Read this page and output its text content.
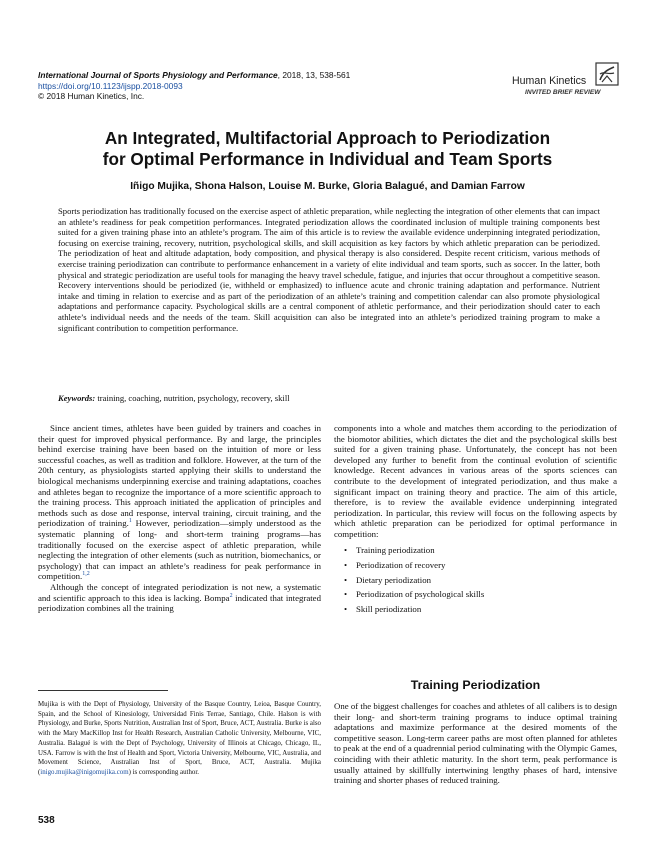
International Journal of Sports Physiology and Performance, 2018, 13, 538-561
https://doi.org/10.1123/ijspp.2018-0093
© 2018 Human Kinetics, Inc.
Human Kinetics
INVITED BRIEF REVIEW
An Integrated, Multifactorial Approach to Periodization
for Optimal Performance in Individual and Team Sports
Iñigo Mujika, Shona Halson, Louise M. Burke, Gloria Balagué, and Damian Farrow
Sports periodization has traditionally focused on the exercise aspect of athletic preparation, while neglecting the integration of other elements that can impact an athlete’s readiness for peak competition performances. Integrated periodization allows the coordinated inclusion of multiple training components best suited for a given training phase into an athlete’s program. The aim of this article is to review the available evidence underpinning integrated periodization, focusing on exercise training, recovery, nutrition, psychological skills, and skill acquisition as key factors by which athletic preparation can be periodized. The periodization of heat and altitude adaptation, body composition, and physical therapy is also considered. Despite recent criticism, various methods of exercise training periodization can contribute to performance enhancement in a variety of elite individual and team sports, such as soccer. In the latter, both physical and strategic periodization are useful tools for managing the heavy travel schedule, fatigue, and injuries that occur throughout a competitive season. Recovery interventions should be periodized (ie, withheld or emphasized) to influence acute and chronic training adaptation and performance. Nutrient intake and timing in relation to exercise and as part of the periodization of an athlete’s training and competition calendar can also promote physiological adaptations and performance capacity. Psychological skills are a central component of athletic performance, and their periodization should cater to each athlete’s individual needs and the needs of the team. Skill acquisition can also be integrated into an athlete’s periodized training program to make a significant contribution to competition performance.
Keywords: training, coaching, nutrition, psychology, recovery, skill

Since ancient times, athletes have been guided by trainers and coaches in their quest for improved physical performance. By and large, the principles behind exercise training have been based on the intuition of more or less successful coaches, as well as tradition and folklore. However, at the turn of the 20th century, as physiologists started applying their skills to understand the biological mechanisms underpinning exercise and training adaptations, coaches and athletes began to recognize the importance of a more scientific approach to the training process. This approach initiated the application of principles and methods such as dose and response, interval training, circuit training, and the periodization of training.$^1$ However, periodization—simply understood as the systematic planning of long- and short-term training programs—has traditionally focused on the exercise aspect of athletic preparation, while neglecting the integration of other elements (such as nutrition, biomechanics, or psychology) that can impact an athlete’s readiness for peak performance in competition.$^{1,2}$

Although the concept of integrated periodization is not new, a systematic and scientific approach to this idea is lacking. Bompa$^2$ indicated that integrated periodization combines all the training

components into a whole and matches them according to the periodization of the biomotor abilities, which dictates the diet and the psychological skills best suited for a given training phase. Unfortunately, the concept has not been developed any further to benefit from the continual evolution of scientific knowledge. Recent advances in various areas of the sports sciences can contribute to the development of integrated periodization, and thus make a significant impact on training theory and practice. The aim of this article, therefore, is to review the available evidence underpinning integrated periodization. In particular, this review will focus on the following aspects by which athletic preparation can be periodized for optimal performance in competition:

•	Training periodization
•	Periodization of recovery
•	Dietary periodization
•	Periodization of psychological skills
•	Skill periodization
Training Periodization
One of the biggest challenges for coaches and athletes of all calibers is to design their long- and short-term training programs to induce optimal training adaptations and maximize performance at the desired moments of the competitive season. Long-term career paths are most often planned for athletes to peak at the end of a quadrennial period culminating with the Olympic Games, coinciding with their athletic maturity. In the short term, peak performance is usually attained by skillfully intertwining lengthy phases of hard, intensive training and shorter phases of reduced training.
Mujika is with the Dept of Physiology, University of the Basque Country, Leioa, Basque Country, Spain, and the School of Kinesiology, Universidad Finis Terrae, Santiago, Chile. Halson is with Physiology, and Burke, Sports Nutrition, Australian Inst of Sport, Bruce, ACT, Australia. Burke is also with the Mary MacKillop Inst for Health Research, Australian Catholic University, Melbourne, VIC, Australia. Balagué is with the Dept of Psychology, University of Illinois at Chicago, Chicago, IL, USA. Farrow is with the Inst of Health and Sport, Victoria University, Melbourne, VIC, Australia, and Movement Science, Australian Inst of Sport, Bruce, ACT, Australia. Mujika (inigo.mujika@inigomujika.com) is corresponding author.
538
